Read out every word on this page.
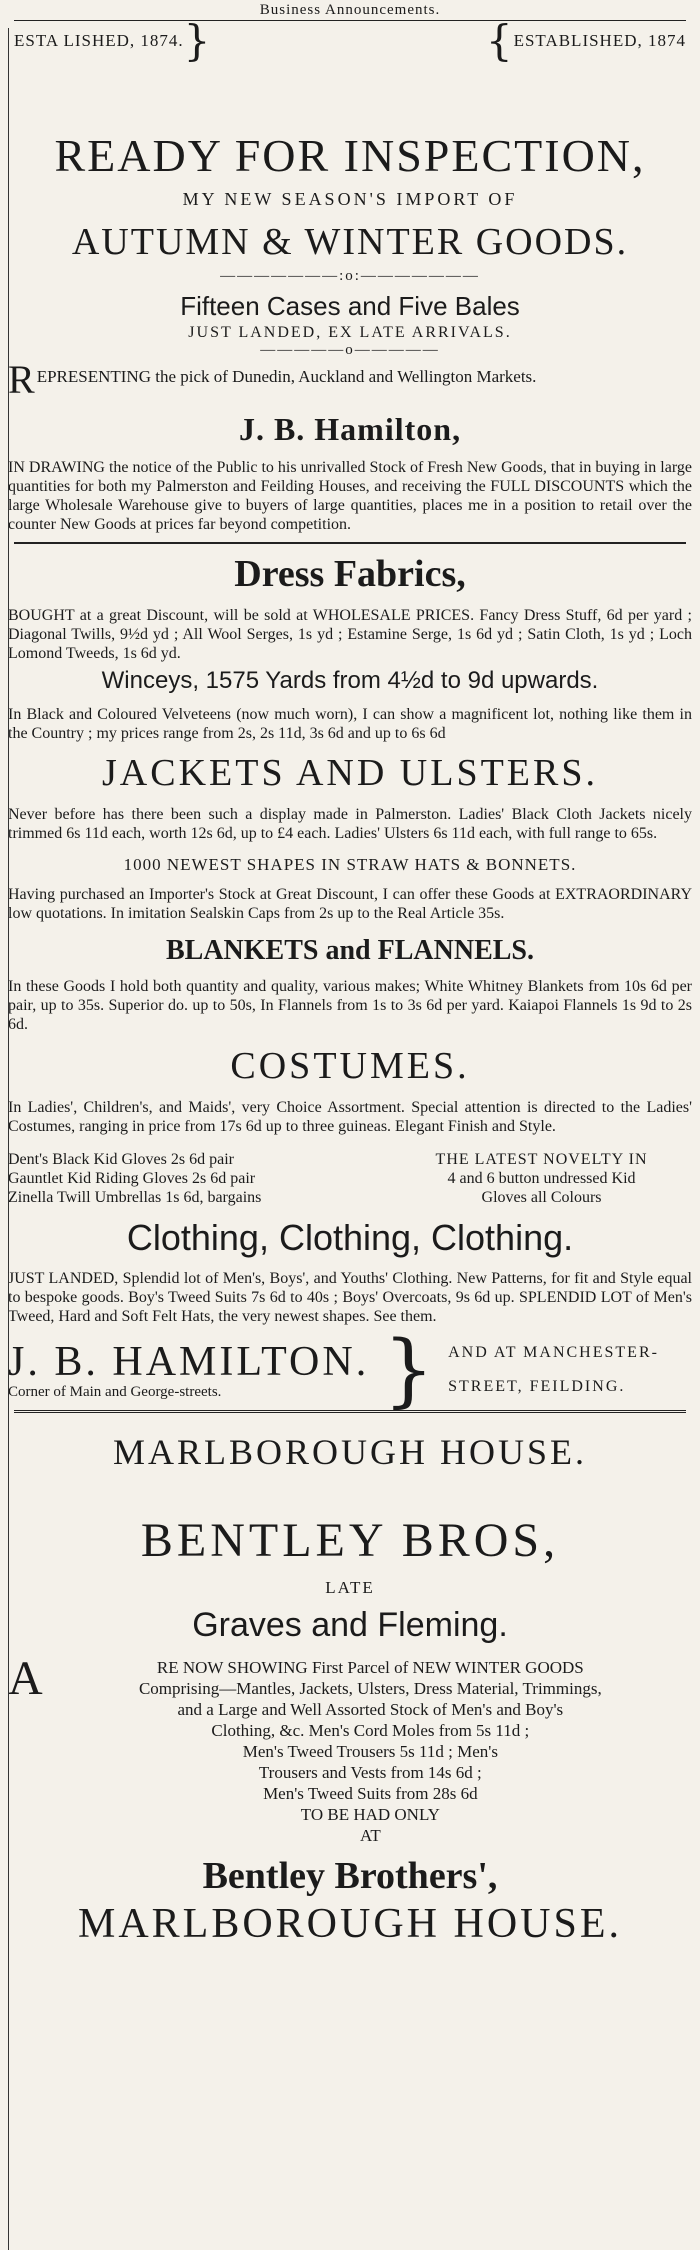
Business Announcements.
ESTA LISHED, 1874. }	{ ESTABLISHED, 1874

READY FOR INSPECTION,

MY NEW SEASON'S IMPORT OF

AUTUMN & WINTER GOODS.

———————:o:———————

Fifteen Cases and Five Bales

JUST LANDED, EX LATE ARRIVALS.

—————o—————

R EPRESENTING the pick of Dunedin, Auckland and Wellington Markets.

J. B. Hamilton,

IN DRAWING the notice of the Public to his unrivalled Stock of Fresh New Goods, that in buying in large quantities for both my Palmerston and Feilding Houses, and receiving the FULL DISCOUNTS which the large Wholesale Warehouse give to buyers of large quantities, places me in a position to retail over the counter New Goods at prices far beyond competition.

Dress Fabrics,

BOUGHT at a great Discount, will be sold at WHOLESALE PRICES. Fancy Dress Stuff, 6d per yard ; Diagonal Twills, 9½d yd ; All Wool Serges, 1s yd ; Estamine Serge, 1s 6d yd ; Satin Cloth, 1s yd ; Loch Lomond Tweeds, 1s 6d yd.

Winceys, 1575 Yards from 4½d to 9d upwards.

In Black and Coloured Velveteens (now much worn), I can show a magnificent lot, nothing like them in the Country ; my prices range from 2s, 2s 11d, 3s 6d and up to 6s 6d

JACKETS AND ULSTERS.

Never before has there been such a display made in Palmerston. Ladies' Black Cloth Jackets nicely trimmed 6s 11d each, worth 12s 6d, up to £4 each. Ladies' Ulsters 6s 11d each, with full range to 65s.

1000 NEWEST SHAPES IN STRAW HATS & BONNETS.

Having purchased an Importer's Stock at Great Discount, I can offer these Goods at EXTRAORDINARY low quotations. In imitation Sealskin Caps from 2s up to the Real Article 35s.

BLANKETS and FLANNELS.

In these Goods I hold both quantity and quality, various makes; White Whitney Blankets from 10s 6d per pair, up to 35s. Superior do. up to 50s, In Flannels from 1s to 3s 6d per yard. Kaiapoi Flannels 1s 9d to 2s 6d.

COSTUMES.

In Ladies', Children's, and Maids', very Choice Assortment. Special attention is directed to the Ladies' Costumes, ranging in price from 17s 6d up to three guineas. Elegant Finish and Style.

Dent's Black Kid Gloves 2s 6d pair

Gauntlet Kid Riding Gloves 2s 6d pair

Zinella Twill Umbrellas 1s 6d, bargains

THE LATEST NOVELTY IN

4 and 6 button undressed Kid

Gloves all Colours

Clothing, Clothing, Clothing.

JUST LANDED, Splendid lot of Men's, Boys', and Youths' Clothing. New Patterns, for fit and Style equal to bespoke goods. Boy's Tweed Suits 7s 6d to 40s ; Boys' Overcoats, 9s 6d up. SPLENDID LOT of Men's Tweed, Hard and Soft Felt Hats, the very newest shapes. See them.

J. B. HAMILTON.

Corner of Main and George-streets.	} AND AT MANCHESTER-

STREET, FEILDING.

MARLBOROUGH HOUSE.

BENTLEY BROS,

LATE

Graves and Fleming.

A	RE NOW SHOWING First Parcel of NEW WINTER GOODS

Comprising—Mantles, Jackets, Ulsters, Dress Material, Trimmings,

and a Large and Well Assorted Stock of Men's and Boy's

Clothing, &c. Men's Cord Moles from 5s 11d ;

Men's Tweed Trousers 5s 11d ; Men's

Trousers and Vests from 14s 6d ;

Men's Tweed Suits from 28s 6d

TO BE HAD ONLY

AT

Bentley Brothers',

MARLBOROUGH HOUSE.
